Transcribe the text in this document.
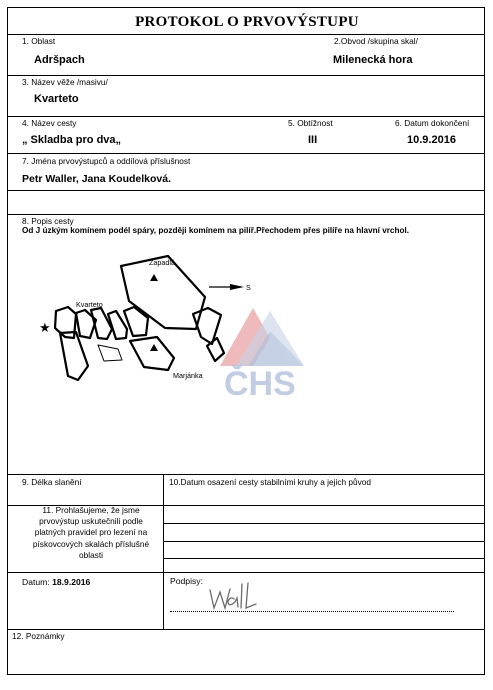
PROTOKOL O PRVOVÝSTUPU
1. Oblast	2.Obvod /skupina skal/
Adršpach	Milenecká hora
3. Název věže /masivu/
Kvarteto
4. Název cesty	5. Obtížnost	6. Datum dokončení
„ Skladba pro dva„	III	10.9.2016
7. Jména prvovýstupců a oddílová příslušnost
Petr Waller, Jana Koudelková.
8. Popis cesty
Od J úzkým komínem podél spáry, později komínem na pilíř.Přechodem přes pilíře na hlavní vrchol.
ČHS
★
S
Zapadlá
Kvarteto
Marjánka
9. Délka slanění	10.Datum osazení cesty stabilními kruhy a jejich původ
11. Prohlašujeme, že jsme prvovýstup uskutečnili podle platných pravidel pro lezení na pískovcových skalách příslušné oblasti
Datum: 18.9.2016	Podpisy:
12. Poznámky
